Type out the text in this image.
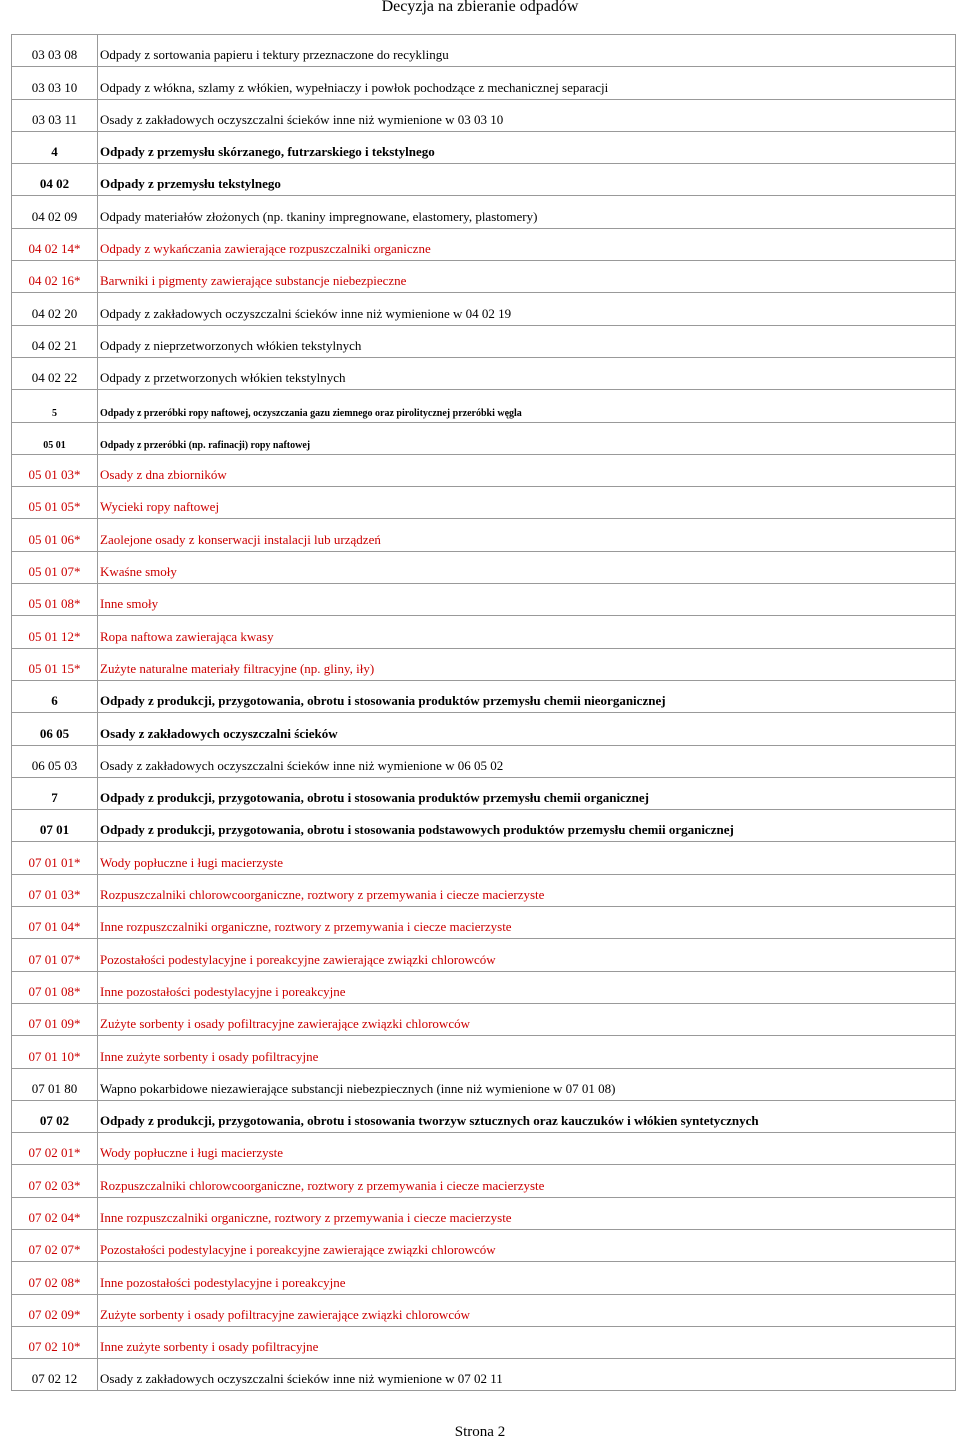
Decyzja na zbieranie odpadów
03 03 08	Odpady z sortowania papieru i tektury przeznaczone do recyklingu
03 03 10	Odpady z włókna, szlamy z włókien, wypełniaczy i powłok pochodzące z mechanicznej separacji
03 03 11	Osady z zakładowych oczyszczalni ścieków inne niż wymienione w 03 03 10
4	Odpady z przemysłu skórzanego, futrzarskiego i tekstylnego
04 02	Odpady z przemysłu tekstylnego
04 02 09	Odpady materiałów złożonych (np. tkaniny impregnowane, elastomery, plastomery)
04 02 14*	Odpady z wykańczania zawierające rozpuszczalniki organiczne
04 02 16*	Barwniki i pigmenty zawierające substancje niebezpieczne
04 02 20	Odpady z zakładowych oczyszczalni ścieków inne niż wymienione w 04 02 19
04 02 21	Odpady z nieprzetworzonych włókien tekstylnych
04 02 22	Odpady z przetworzonych włókien tekstylnych
5	Odpady z przeróbki ropy naftowej, oczyszczania gazu ziemnego oraz pirolitycznej przeróbki węgla
05 01	Odpady z przeróbki (np. rafinacji) ropy naftowej
05 01 03*	Osady z dna zbiorników
05 01 05*	Wycieki ropy naftowej
05 01 06*	Zaolejone osady z konserwacji instalacji lub urządzeń
05 01 07*	Kwaśne smoły
05 01 08*	Inne smoły
05 01 12*	Ropa naftowa zawierająca kwasy
05 01 15*	Zużyte naturalne materiały filtracyjne (np. gliny, iły)
6	Odpady z produkcji, przygotowania, obrotu i stosowania produktów przemysłu chemii nieorganicznej
06 05	Osady z zakładowych oczyszczalni ścieków
06 05 03	Osady z zakładowych oczyszczalni ścieków inne niż wymienione w 06 05 02
7	Odpady z produkcji, przygotowania, obrotu i stosowania produktów przemysłu chemii organicznej
07 01	Odpady z produkcji, przygotowania, obrotu i stosowania podstawowych produktów przemysłu chemii organicznej
07 01 01*	Wody popłuczne i ługi macierzyste
07 01 03*	Rozpuszczalniki chlorowcoorganiczne, roztwory z przemywania i ciecze macierzyste
07 01 04*	Inne rozpuszczalniki organiczne, roztwory z przemywania i ciecze macierzyste
07 01 07*	Pozostałości podestylacyjne i poreakcyjne zawierające związki chlorowców
07 01 08*	Inne pozostałości podestylacyjne i poreakcyjne
07 01 09*	Zużyte sorbenty i osady pofiltracyjne zawierające związki chlorowców
07 01 10*	Inne zużyte sorbenty i osady pofiltracyjne
07 01 80	Wapno pokarbidowe niezawierające substancji niebezpiecznych (inne niż wymienione w 07 01 08)
07 02	Odpady z produkcji, przygotowania, obrotu i stosowania tworzyw sztucznych oraz kauczuków i włókien syntetycznych
07 02 01*	Wody popłuczne i ługi macierzyste
07 02 03*	Rozpuszczalniki chlorowcoorganiczne, roztwory z przemywania i ciecze macierzyste
07 02 04*	Inne rozpuszczalniki organiczne, roztwory z przemywania i ciecze macierzyste
07 02 07*	Pozostałości podestylacyjne i poreakcyjne zawierające związki chlorowców
07 02 08*	Inne pozostałości podestylacyjne i poreakcyjne
07 02 09*	Zużyte sorbenty i osady pofiltracyjne zawierające związki chlorowców
07 02 10*	Inne zużyte sorbenty i osady pofiltracyjne
07 02 12	Osady z zakładowych oczyszczalni ścieków inne niż wymienione w 07 02 11
Strona 2
